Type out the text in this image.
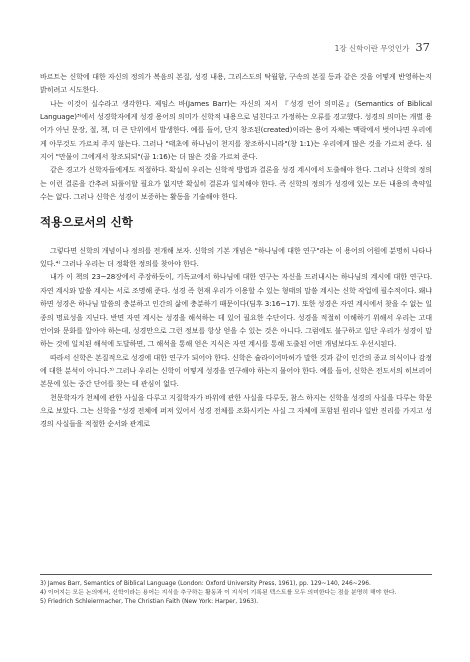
1장 신학이란 무엇인가 37

바르트는 신학에 대한 자신의 정의가 복음의 본질, 성경 내용, 그리스도의 탁월함, 구속의 본질 등과 같은 것을 어떻게 반영하는지 밝히려고 시도한다.

나는 이것이 실수라고 생각한다. 제임스 바(James Barr)는 자신의 저서 『성경 언어 의미론』(Semantics of Biblical Language)³⁾에서 성경학자에게 성경 용어의 의미가 신학적 내용으로 넘친다고 가정하는 오류를 경고했다. 성경의 의미는 개별 용어가 아닌 문장, 절, 책, 더 큰 단위에서 발생한다. 예를 들어, 단지 창조된(created)이라는 용어 자체는 맥락에서 벗어나면 우리에게 아무것도 가르쳐 주지 않는다. 그러나 "태초에 하나님이 천지를 창조하시니라"(창 1:1)는 우리에게 많은 것을 가르쳐 준다. 심지어 "만물이 그에게서 창조되되"(골 1:16)는 더 많은 것을 가르쳐 준다.

같은 경고가 신학자들에게도 적절하다. 확실히 우리는 신학적 방법과 결론을 성경 계시에서 도출해야 한다. 그러나 신학의 정의는 이런 결론을 간추려 되풀이할 필요가 없지만 확실히 결론과 일치해야 한다. 즉 신학의 정의가 성경에 있는 모든 내용의 축약일 수는 없다. 그러나 신학은 성경이 보증하는 활동을 기술해야 한다.

적용으로서의 신학

그렇다면 신학의 개념이나 정의를 전개해 보자. 신학의 기본 개념은 "하나님에 대한 연구"라는 이 용어의 어원에 분명히 나타나 있다.⁴⁾ 그러나 우리는 더 정확한 정의를 찾아야 한다.

내가 이 책의 23~28장에서 주장하듯이, 기독교에서 하나님에 대한 연구는 자신을 드러내시는 하나님의 계시에 대한 연구다. 자연 계시와 말씀 계시는 서로 조명해 준다. 성경 즉 현재 우리가 이용할 수 있는 형태의 말씀 계시는 신학 작업에 필수적이다. 왜냐하면 성경은 하나님 말씀의 충분하고 인간의 삶에 충분하기 때문이다(딤후 3:16~17). 또한 성경은 자연 계시에서 찾을 수 없는 일종의 명료성을 지닌다. 반면 자연 계시는 성경을 해석하는 데 있어 필요한 수단이다. 성경을 적절히 이해하기 위해서 우리는 고대 언어와 문화를 알아야 하는데, 성경만으로 그런 정보를 항상 얻을 수 있는 것은 아니다. 그럼에도 불구하고 일단 우리가 성경이 말하는 것에 일치된 해석에 도달하면, 그 해석을 통해 얻은 지식은 자연 계시를 통해 도출된 어떤 개념보다도 우선시된다.

따라서 신학은 본질적으로 성경에 대한 연구가 되어야 한다. 신학은 슐라이어마허가 말한 것과 같이 인간의 종교 의식이나 감정에 대한 분석이 아니다.⁵⁾ 그러나 우리는 신학이 어떻게 성경을 연구해야 하는지 물어야 한다. 예를 들어, 신학은 전도서의 히브리어 본문에 있는 중간 단어를 찾는 데 관심이 없다.

천문학자가 천체에 관한 사실을 다루고 지질학자가 바위에 관한 사실을 다루듯, 참스 하지는 신학을 성경의 사실을 다루는 학문으로 보았다. 그는 신학을 "성경 전체에 퍼져 있어서 성경 전체를 조화시키는 사실 그 자체에 포함된 원리나 일반 진리를 가지고 성경의 사실들을 적절한 순서와 관계로

3) James Barr, Semantics of Biblical Language (London: Oxford University Press, 1961), pp. 129~140, 246~296.

4) 이어지는 모든 논의에서, 신학이라는 용어는 지식을 추구하는 활동과 이 지식이 기록된 텍스트를 모두 의미한다는 점을 분명히 해야 한다.

5) Friedrich Schleiermacher, The Christian Faith (New York: Harper, 1963).
